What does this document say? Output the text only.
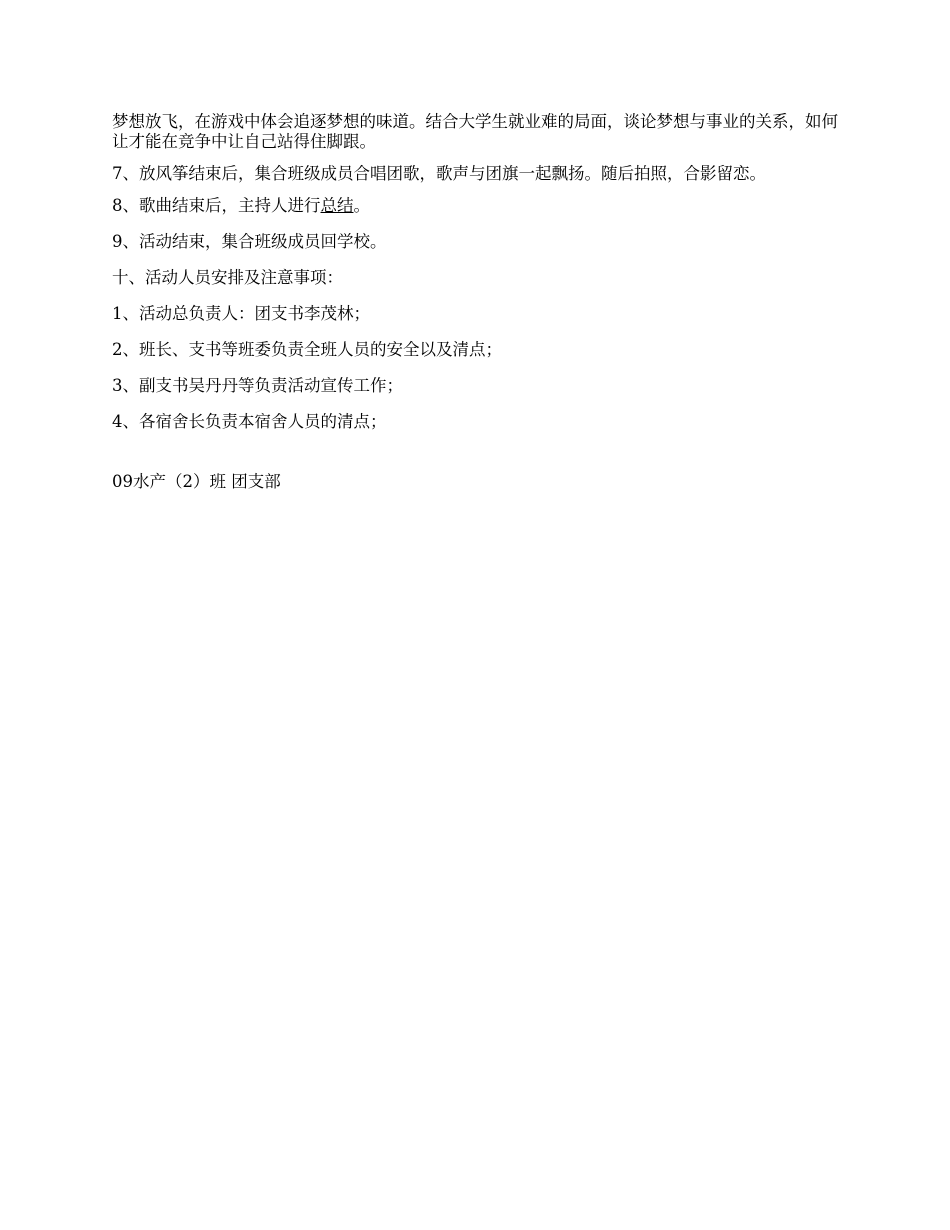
梦想放飞，在游戏中体会追逐梦想的味道。结合大学生就业难的局面，谈论梦想与事业的关系，如何让才能在竞争中让自己站得住脚跟。

7、放风筝结束后，集合班级成员合唱团歌，歌声与团旗一起飘扬。随后拍照，合影留恋。

8、歌曲结束后，主持人进行总结。

9、活动结束，集合班级成员回学校。

十、活动人员安排及注意事项：

1、活动总负责人：团支书李茂林；

2、班长、支书等班委负责全班人员的安全以及清点；

3、副支书吴丹丹等负责活动宣传工作；

4、各宿舍长负责本宿舍人员的清点；

09水产（2）班 团支部
